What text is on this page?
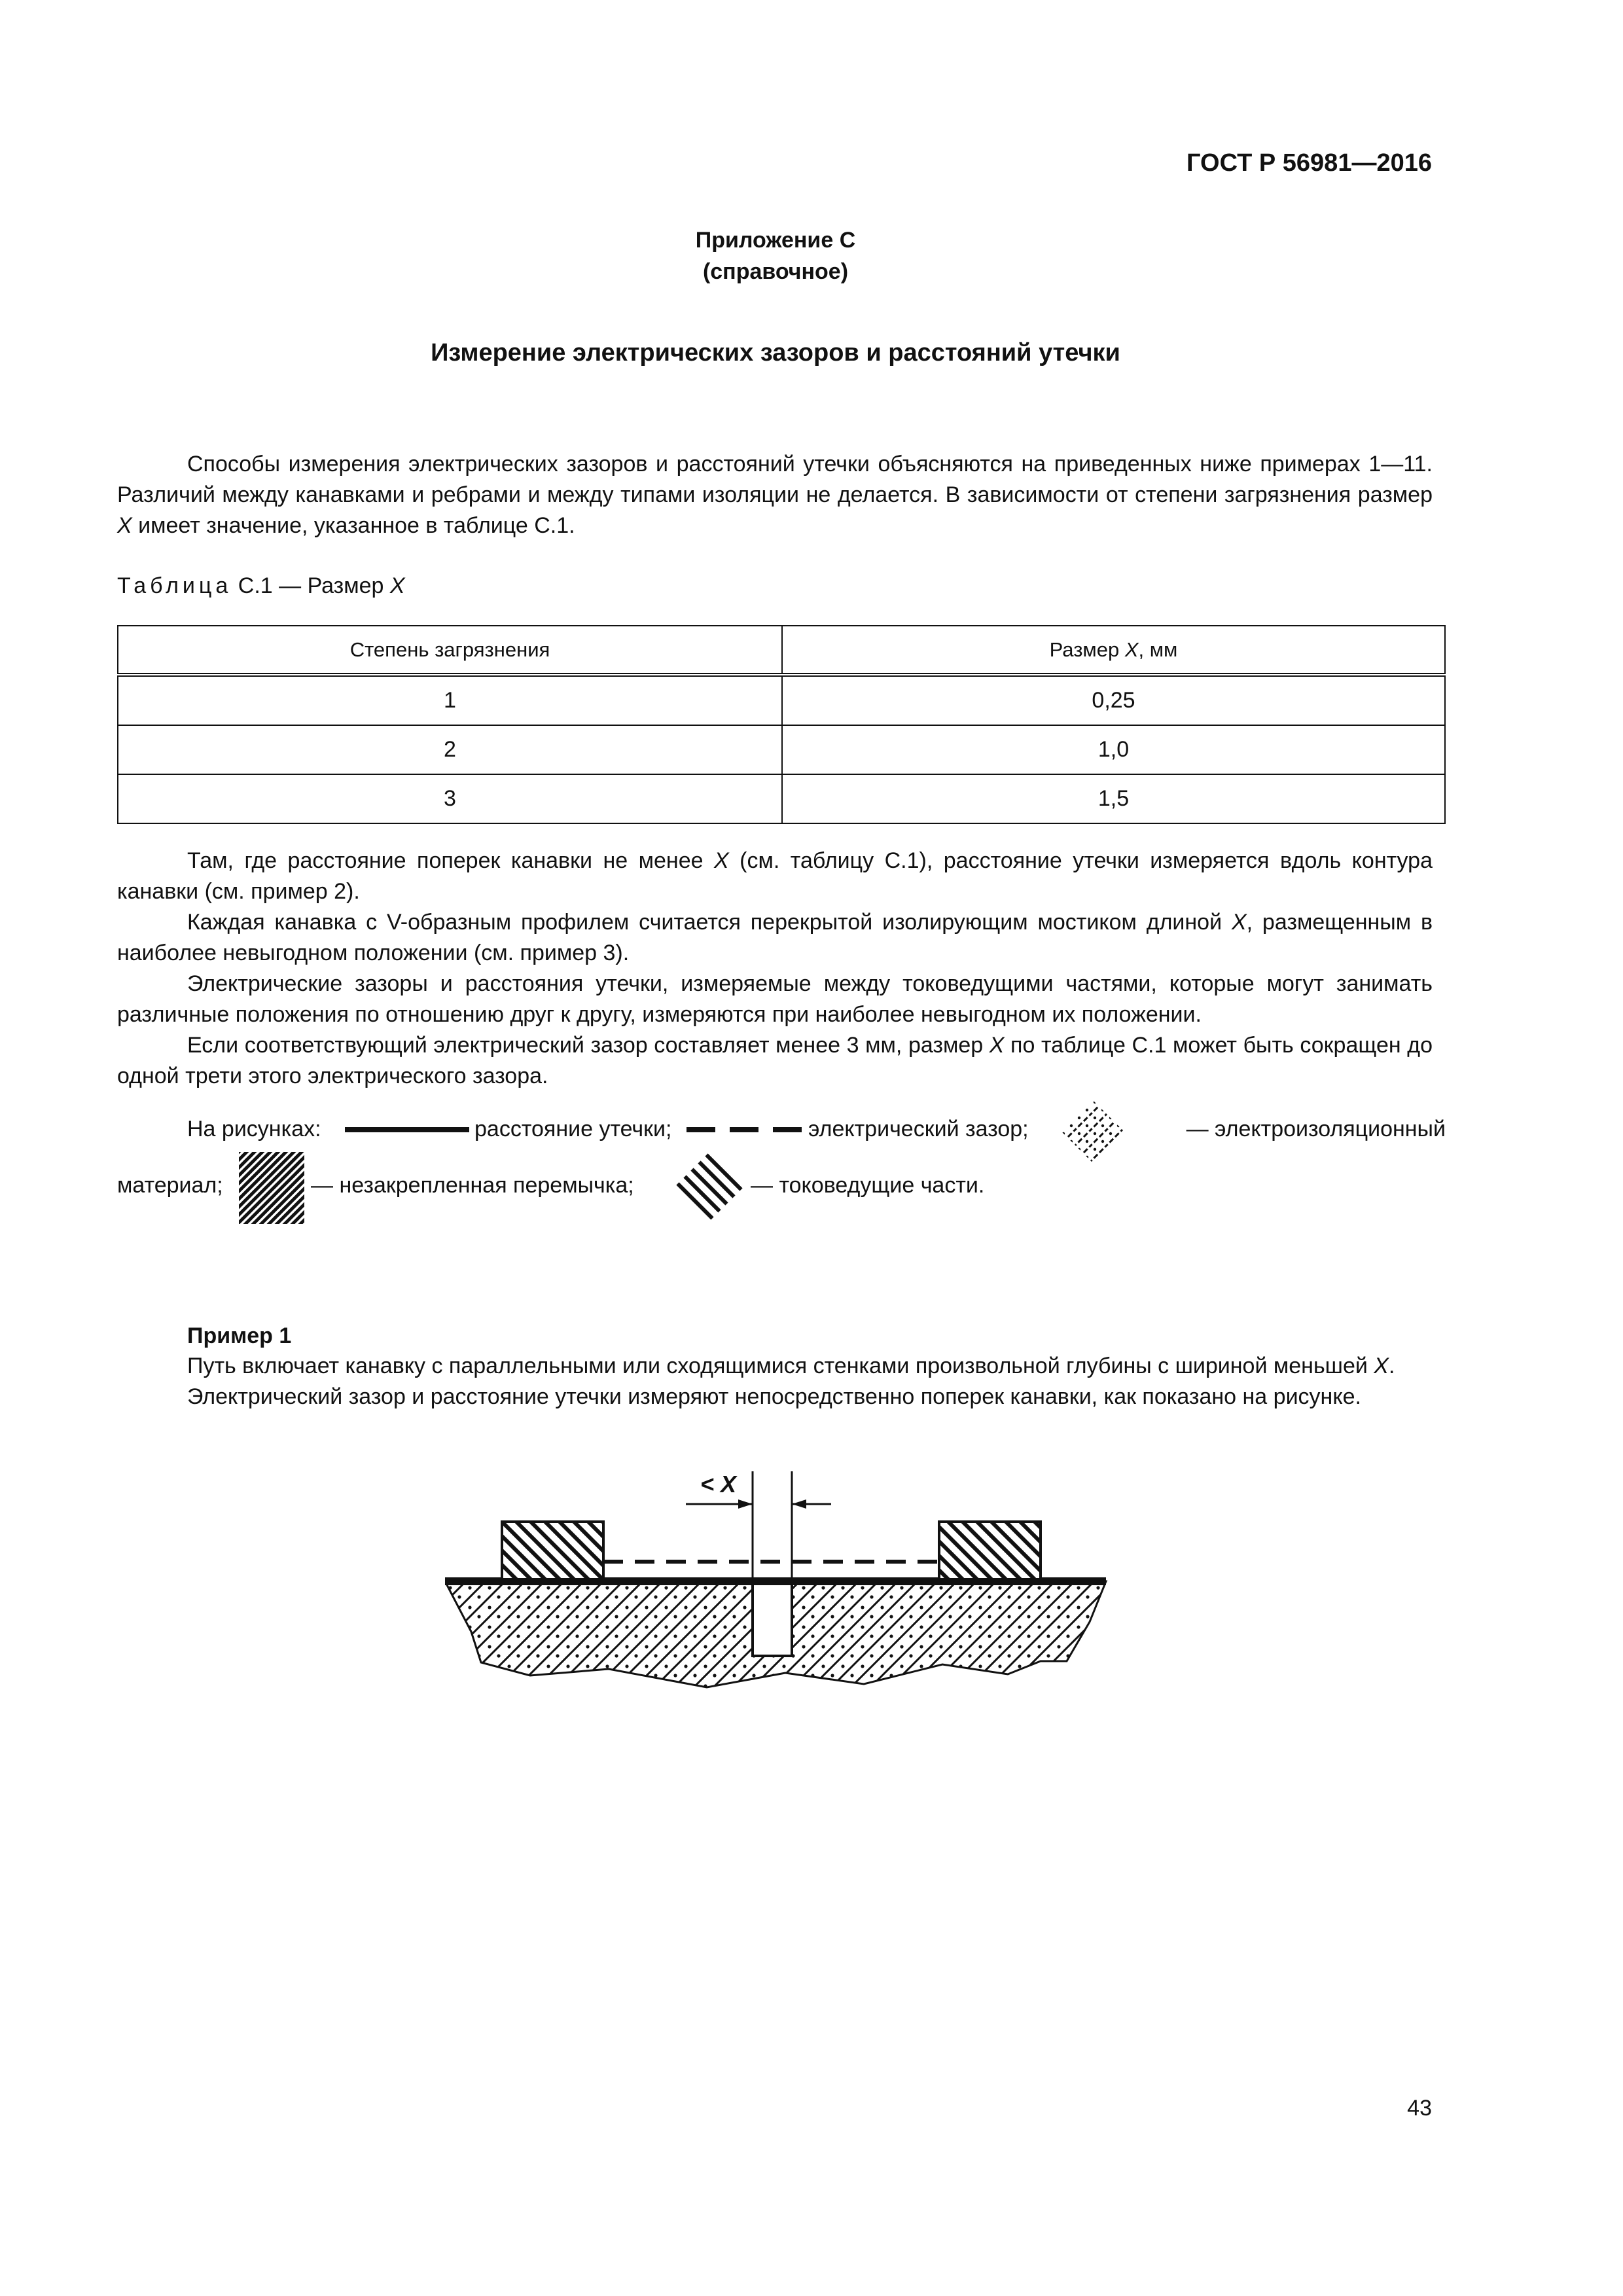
ГОСТ Р 56981—2016
Приложение С
(справочное)
Измерение электрических зазоров и расстояний утечки

Способы измерения электрических зазоров и расстояний утечки объясняются на приведенных ниже примерах 1—11. Различий между канавками и ребрами и между типами изоляции не делается. В зависимости от степени загрязнения размер X имеет значение, указанное в таблице С.1.

Таблица С.1 — Размер X
Степень загрязнения	Размер X, мм
1	0,25
2	1,0
3	1,5

Там, где расстояние поперек канавки не менее X (см. таблицу С.1), расстояние утечки измеряется вдоль контура канавки (см. пример 2).

Каждая канавка с V-образным профилем считается перекрытой изолирующим мостиком длиной X, размещенным в наиболее невыгодном положении (см. пример 3).

Электрические зазоры и расстояния утечки, измеряемые между токоведущими частями, которые могут занимать различные положения по отношению друг к другу, измеряются при наиболее невыгодном их положении.

Если соответствующий электрический зазор составляет менее 3 мм, размер X по таблице С.1 может быть сокращен до одной трети этого электрического зазора.

На рисунках:	расстояние утечки;	электрический зазор;	— электроизоляционный
материал;	— незакрепленная перемычка;	— токоведущие части.
Пример 1

Путь включает канавку с параллельными или сходящимися стенками произвольной глубины с шириной меньшей X.

Электрический зазор и расстояние утечки измеряют непосредственно поперек канавки, как показано на рисунке.

< X
43
